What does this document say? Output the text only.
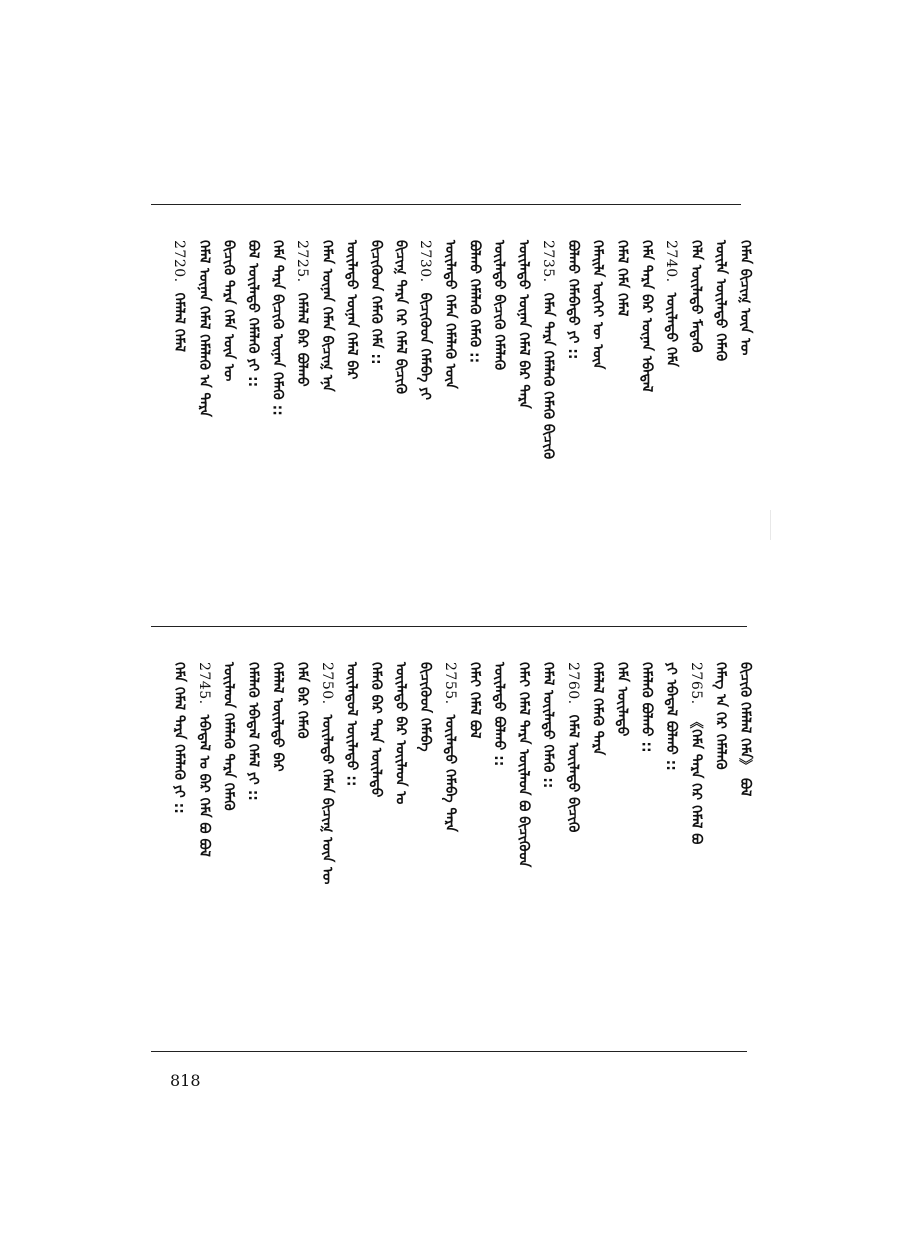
ᠬᠡᠮᠡᠨ ᠪᠢᠴᠢᠭ᠍ ᠦᠨ ᠦ
ᠦᠢᠯᠡ ᠦᠢᠯᠡᠳᠦ ᠬᠡᠮᠡᠬᠦ
ᠬᠡᠯᠡ ᠦᠢᠯᠡᠳᠦ ᠮᠡᠳᠡᠬᠦ
2740.ᠦᠢᠯᠡᠳᠦ ᠬᠡᠮᠡ
ᠬᠡᠮᠡ ᠲᠡᠷᠡ ᠪᠡᠷ ᠦᠨᠡᠨ ᠡᠪᠡᠳᠡᠯ
ᠬᠡᠮᠡᠯ ᠬᠡᠮᠡ ᠬᠡᠮᠡᠯ
ᠬᠡᠮᠡᠢᠯᠡ ᠦᠭᠡᠢ ᠦ ᠦᠨ
ᠪᠣᠯᠬᠤ ᠬᠡᠮᠡᠪᠡᠳᠦ ᠶᠢ ::
2735.ᠬᠡᠮᠡᠨ ᠲᠡᠷᠡ ᠬᠡᠮᠡᠯᠡᠬᠦ ᠬᠡᠮᠡᠬᠦ ᠪᠢᠴᠢᠭᠦ
ᠦᠢᠯᠡᠳᠦ ᠦᠨᠡᠨ ᠬᠡᠮᠡᠯ ᠪᠡᠷ ᠲᠡᠷᠡ
ᠦᠢᠯᠡᠳᠦ ᠪᠢᠴᠢᠭᠦ ᠬᠡᠮᠡᠯᠡᠬᠦ
ᠪᠣᠯᠬᠤ ᠬᠡᠮᠡᠯᠡᠬᠦ ᠬᠡᠮᠡᠬᠦ ::
ᠦᠢᠯᠡᠳᠦ ᠬᠡᠮᠡᠨ ᠬᠡᠮᠡᠯᠡᠬᠦ ᠦᠨ
2730.ᠪᠢᠴᠢᠭᠦᠳ ᠬᠡᠮᠡᠪᠡ ᠶᠢ
ᠪᠢᠴᠢᠭ᠍ ᠲᠡᠷᠡ ᠬᠡᠷ ᠬᠡᠮᠡᠯ ᠪᠢᠴᠢᠭᠦ
ᠪᠢᠴᠢᠭᠦᠳ ᠬᠡᠮᠡᠬᠦ ᠬᠡᠮᠡ ::
ᠦᠢᠯᠡᠳᠦ ᠦᠨᠡᠨ ᠬᠡᠮᠡᠯ ᠪᠡᠷ
ᠬᠡᠮᠡᠨ ᠦᠨᠡᠨ ᠬᠡᠮᠡᠨ ᠪᠢᠴᠢᠭ᠍ ᠡᠨᠡ
2725.ᠬᠡᠮᠡᠯᠡᠯ ᠪᠡᠷ ᠪᠣᠯᠬᠤ
ᠬᠡᠮᠡ ᠲᠡᠷᠡ ᠪᠢᠴᠢᠭᠦ ᠦᠨᠡᠨ ᠬᠡᠮᠡᠬᠦ ::
ᠪᠣᠯ ᠦᠢᠯᠡᠳᠦ ᠬᠡᠮᠡᠯᠡᠬᠦ ᠶᠢ ::
ᠪᠢᠴᠢᠭᠦ ᠲᠡᠷᠡ ᠬᠡᠮᠡ ᠦᠨ ᠦ
ᠬᠡᠮᠡᠯ ᠦᠨᠡᠨ ᠬᠡᠮᠡᠯ ᠬᠡᠮᠡᠯᠡᠬᠦ ᠡᠨ ᠲᠡᠷᠡ
2720.ᠬᠡᠮᠡᠯᠡᠯ ᠬᠡᠮᠡᠯ
ᠪᠢᠴᠢᠭᠦ ᠬᠡᠮᠡᠯᠡᠯ ᠬᠡᠮᠡ》 ᠪᠣᠯ
ᠬᠡᠮᠡᠭ ᠡᠨ ᠬᠡᠷ ᠬᠡᠮᠡᠯᠡᠬᠦ
2765.《ᠬᠡᠮᠡ ᠲᠡᠷᠡ ᠬᠡᠷ ᠬᠡᠮᠡᠯ ᠪᠣ
ᠶᠢ ᠡᠪᠡᠳᠡᠯ ᠪᠣᠯᠬᠤ ::
ᠬᠡᠮᠡᠯᠡᠬᠦ ᠪᠣᠯᠬᠤ ::
ᠬᠡᠮᠡ ᠦᠢᠯᠡᠳᠦ
ᠬᠡᠮᠡᠯᠡᠯ ᠬᠡᠮᠡᠬᠦ ᠲᠡᠷᠡ
2760.ᠬᠡᠮᠡᠯ ᠦᠢᠯᠡᠳᠦ ᠪᠢᠴᠢᠭᠦ
ᠬᠡᠮᠡᠯ ᠦᠢᠯᠡᠳᠦ ᠬᠡᠮᠡᠬᠦ ::
ᠬᠡᠮᠡᠢ ᠬᠡᠮᠡᠯ ᠲᠡᠷᠡ ᠦᠢᠯᠡᠳ ᠪᠣ ᠪᠢᠴᠢᠭᠦᠳ
ᠦᠢᠯᠡᠳᠦ ᠪᠣᠯᠬᠤ ::
ᠬᠡᠮᠡᠢ ᠬᠡᠮᠡᠯ ᠪᠣᠯ
2755.ᠦᠢᠯᠡᠳᠦ ᠬᠡᠮᠡᠪᠡ ᠲᠡᠷᠡ
ᠪᠢᠴᠢᠭᠦᠳ ᠬᠡᠮᠡᠪᠡ
ᠦᠢᠯᠡᠳᠦ ᠪᠡᠷ ᠦᠢᠯᠡᠳ ᠣ
ᠬᠡᠮᠡᠬᠦ ᠪᠡᠷ ᠲᠡᠷᠡ ᠦᠢᠯᠡᠳᠦ
ᠦᠢᠯᠡᠳᠦᠯ ᠦᠢᠯᠡᠳᠦ ::
2750.ᠦᠢᠯᠡᠳᠦ ᠬᠡᠮᠡᠨ ᠪᠢᠴᠢᠭ᠍ ᠦᠨ ᠦ
ᠬᠡᠮᠡ ᠪᠡᠷ ᠬᠡᠮᠡᠬᠦ
ᠬᠡᠮᠡᠯᠡᠯ ᠦᠢᠯᠡᠳᠦ ᠪᠡᠷ
ᠬᠡᠮᠡᠯᠡᠬᠦ ᠡᠪᠡᠳᠡᠯ ᠬᠡᠮᠡᠯ ᠶᠢ ::
ᠦᠢᠯᠡᠳ ᠬᠡᠮᠡᠯᠡᠬᠦ ᠲᠡᠷᠡ ᠬᠡᠮᠡᠬᠦ
2745.ᠡᠪᠡᠳᠡᠯ ᠣ ᠪᠡᠷ ᠬᠡᠮᠡ ᠪᠣ ᠪᠣᠯ
ᠬᠡᠮᠡ ᠬᠡᠮᠡᠯ ᠲᠡᠷᠡ ᠬᠡᠮᠡᠯᠡᠬᠦ ᠶᠢ ::
818
